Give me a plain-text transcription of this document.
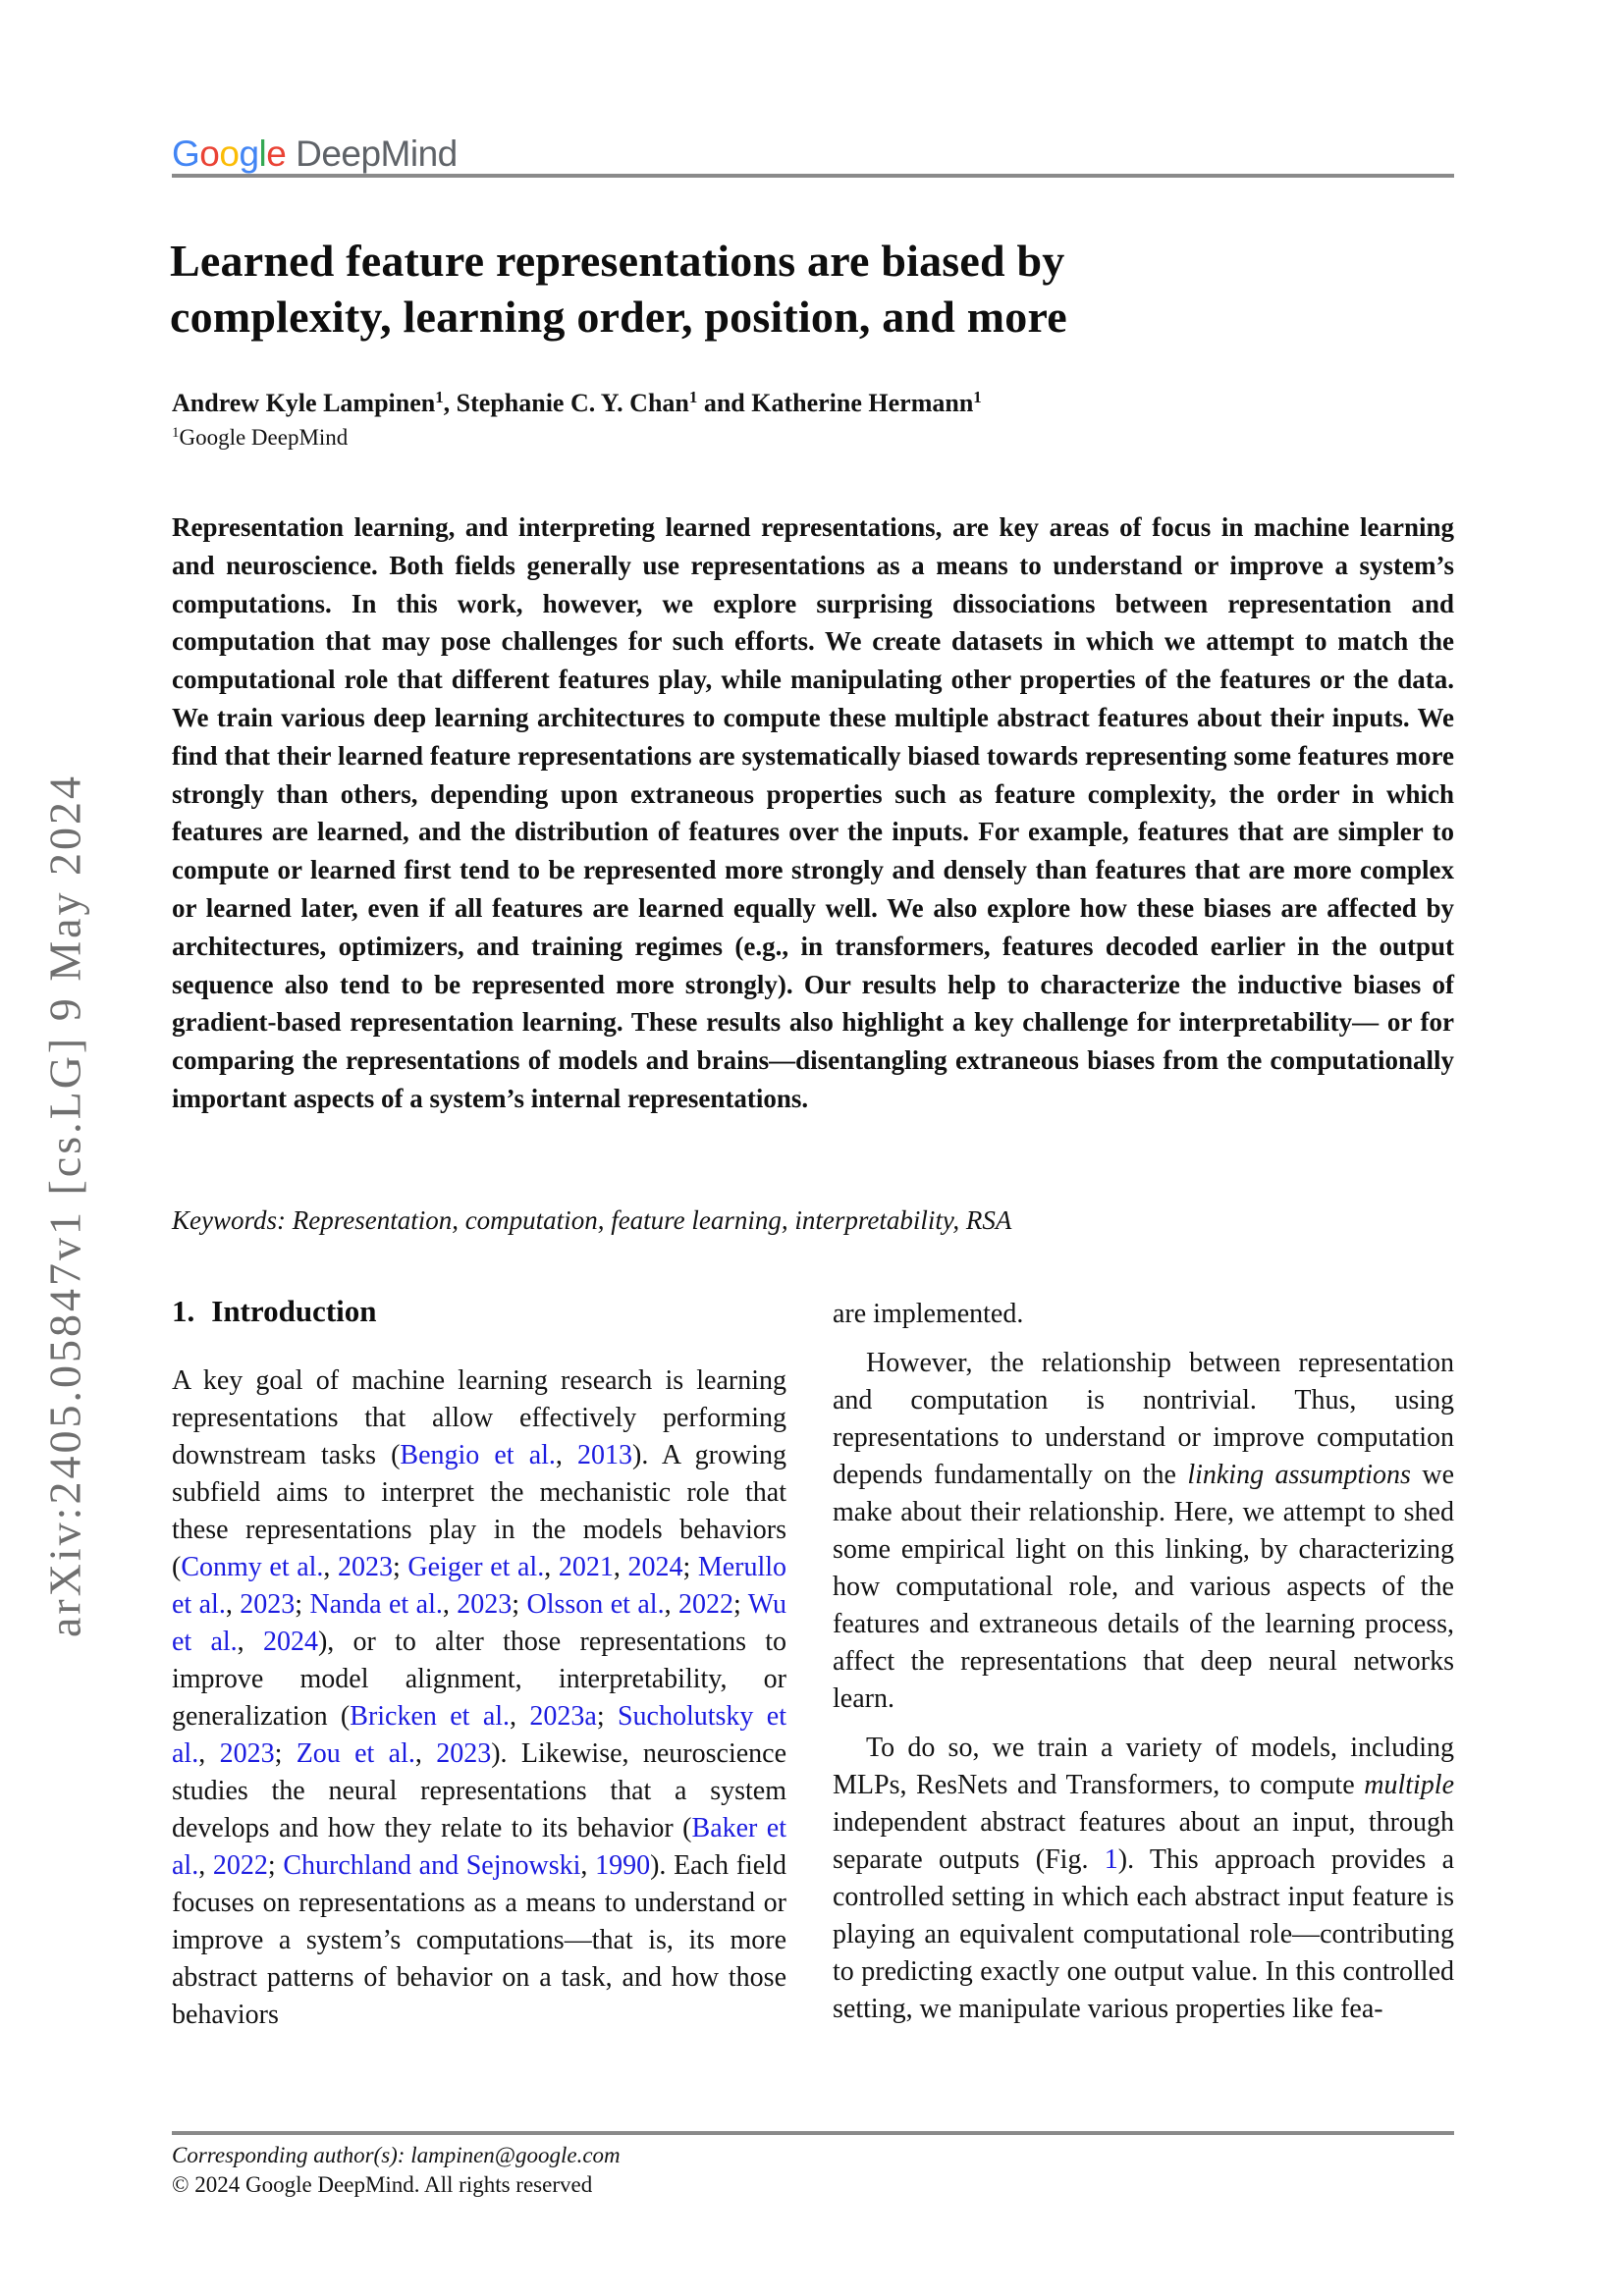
arXiv:2405.05847v1 [cs.LG] 9 May 2024
Google DeepMind
Learned feature representations are biased by
complexity, learning order, position, and more
Andrew Kyle Lampinen$^1$, Stephanie C. Y. Chan$^1$ and Katherine Hermann$^1$
$^1$Google DeepMind

Representation learning, and interpreting learned representations, are key areas of focus in machine learning and neuroscience. Both fields generally use representations as a means to understand or improve a system’s computations. In this work, however, we explore surprising dissociations between representation and computation that may pose challenges for such efforts. We create datasets in which we attempt to match the computational role that different features play, while manipulating other properties of the features or the data. We train various deep learning architectures to compute these multiple abstract features about their inputs. We find that their learned feature representations are systematically biased towards representing some features more strongly than others, depending upon extraneous properties such as feature complexity, the order in which features are learned, and the distribution of features over the inputs. For example, features that are simpler to compute or learned first tend to be represented more strongly and densely than features that are more complex or learned later, even if all features are learned equally well. We also explore how these biases are affected by architectures, optimizers, and training regimes (e.g., in transformers, features decoded earlier in the output sequence also tend to be represented more strongly). Our results help to characterize the inductive biases of gradient-based representation learning. These results also highlight a key challenge for interpretability— or for comparing the representations of models and brains—disentangling extraneous biases from the computationally important aspects of a system’s internal representations.

Keywords: Representation, computation, feature learning, interpretability, RSA
1. Introduction

A key goal of machine learning research is learning representations that allow effectively performing downstream tasks (Bengio et al., 2013). A growing subfield aims to interpret the mechanistic role that these representations play in the models behaviors (Conmy et al., 2023; Geiger et al., 2021, 2024; Merullo et al., 2023; Nanda et al., 2023; Olsson et al., 2022; Wu et al., 2024), or to alter those representations to improve model alignment, interpretability, or generalization (Bricken et al., 2023a; Sucholutsky et al., 2023; Zou et al., 2023). Likewise, neuroscience studies the neural representations that a system develops and how they relate to its behavior (Baker et al., 2022; Churchland and Sejnowski, 1990). Each field focuses on representations as a means to understand or improve a system’s computations—that is, its more abstract patterns of behavior on a task, and how those behaviors

are implemented.

However, the relationship between representation and computation is nontrivial. Thus, using representations to understand or improve computation depends fundamentally on the linking assumptions we make about their relationship. Here, we attempt to shed some empirical light on this linking, by characterizing how computational role, and various aspects of the features and extraneous details of the learning process, affect the representations that deep neural networks learn.

To do so, we train a variety of models, including MLPs, ResNets and Transformers, to compute multiple independent abstract features about an input, through separate outputs (Fig. 1). This approach provides a controlled setting in which each abstract input feature is playing an equivalent computational role—contributing to predicting exactly one output value. In this controlled setting, we manipulate various properties like fea-

Corresponding author(s): lampinen@google.com
© 2024 Google DeepMind. All rights reserved
